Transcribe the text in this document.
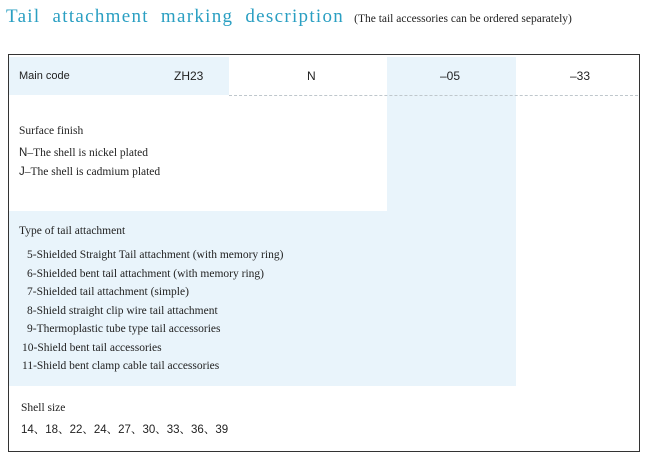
Tail attachment marking description (The tail accessories can be ordered separately)
Main code	ZH23	N	–05	–33
Surface finish
N–The shell is nickel plated
J–The shell is cadmium plated
Type of tail attachment
5-Shielded Straight Tail attachment (with memory ring)
6-Shielded bent tail attachment (with memory ring)
7-Shielded tail attachment (simple)
8-Shield straight clip wire tail attachment
9-Thermoplastic tube type tail accessories
10-Shield bent tail accessories
11-Shield bent clamp cable tail accessories
Shell size
14、18、22、24、27、30、33、36、39
